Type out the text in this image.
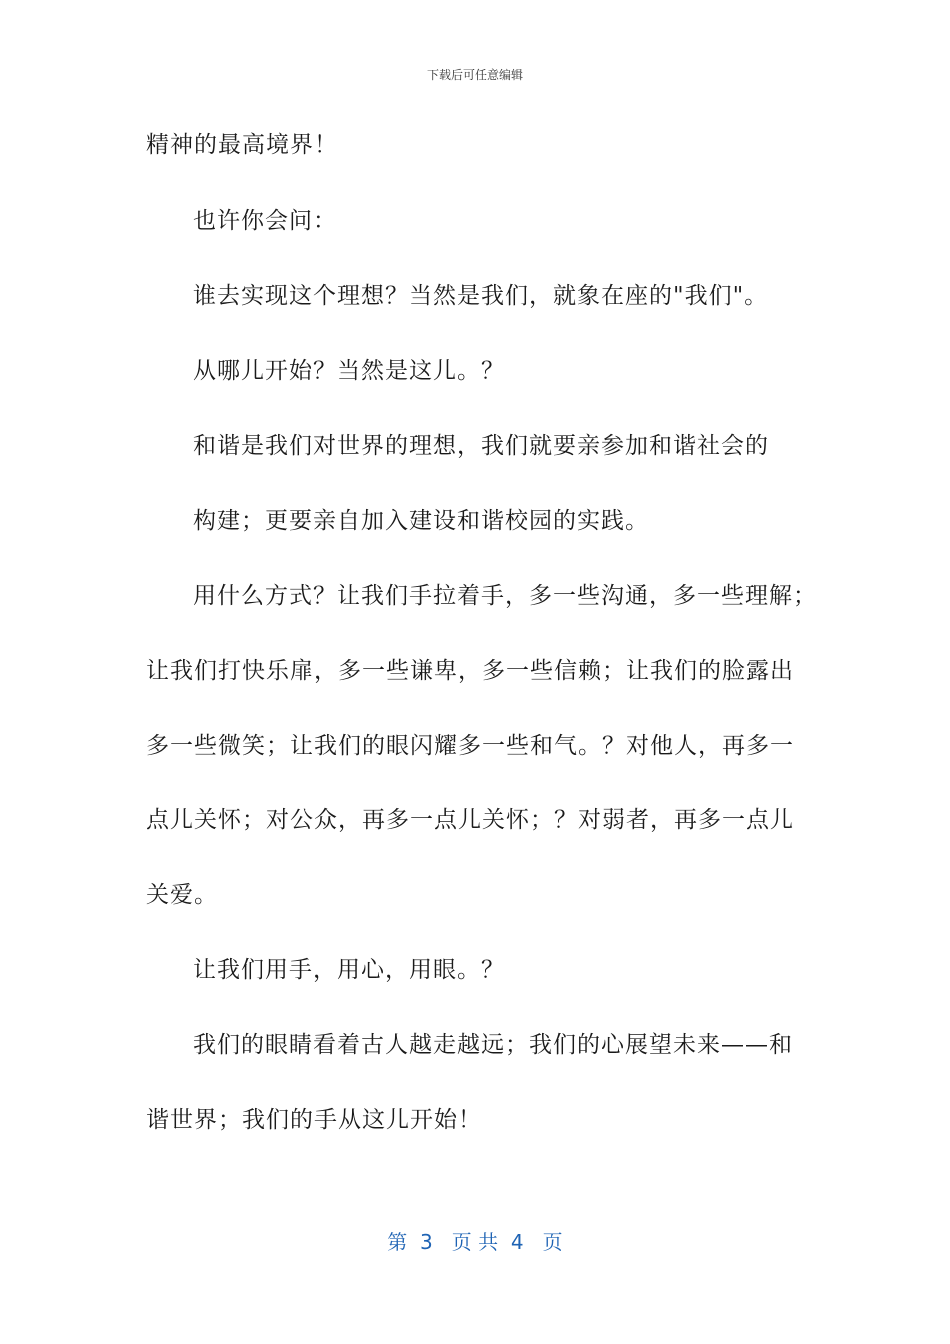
下载后可任意编辑
精神的最高境界！
也许你会问：
谁去实现这个理想？当然是我们，就象在座的"我们"。
从哪儿开始？当然是这儿。？
和谐是我们对世界的理想，我们就要亲参加和谐社会的
构建；更要亲自加入建设和谐校园的实践。
用什么方式？让我们手拉着手，多一些沟通，多一些理解；
让我们打快乐扉，多一些谦卑，多一些信赖；让我们的脸露出
多一些微笑；让我们的眼闪耀多一些和气。？对他人，再多一
点儿关怀；对公众，再多一点儿关怀；？对弱者，再多一点儿
关爱。
让我们用手，用心，用眼。？
我们的眼睛看着古人越走越远；我们的心展望未来——和
谐世界；我们的手从这儿开始！
第  3   页 共  4   页
